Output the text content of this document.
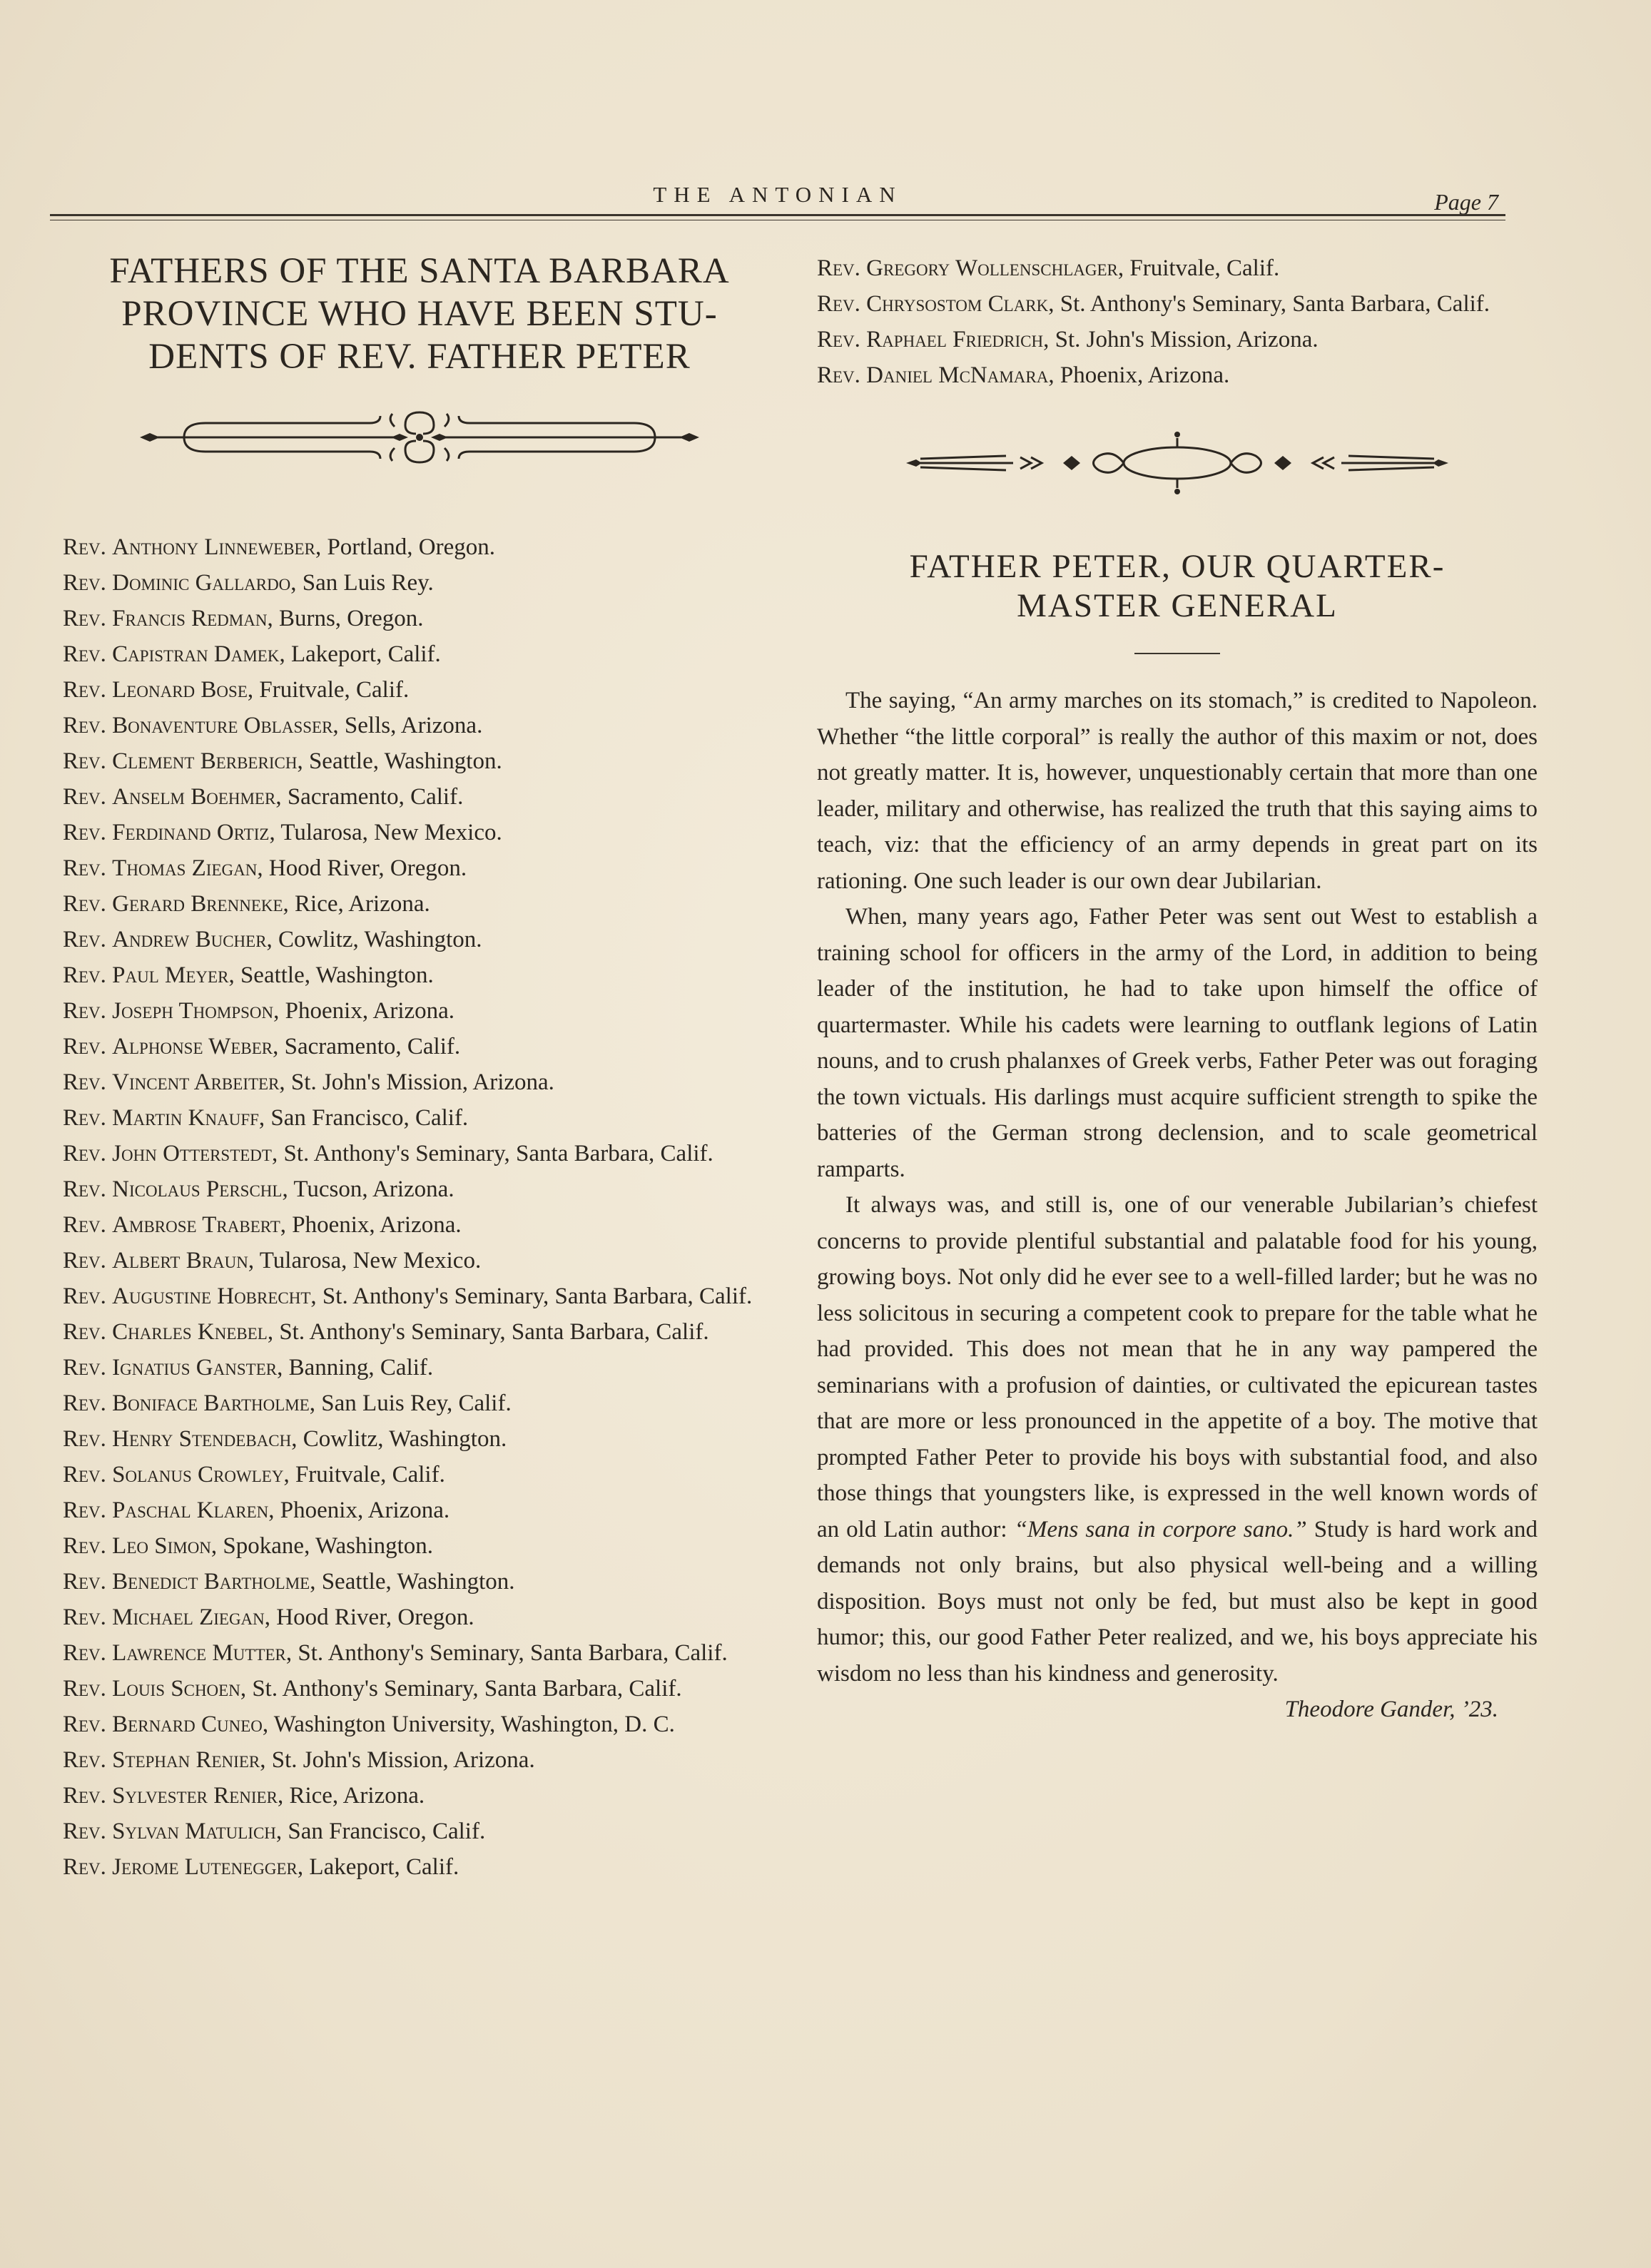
THE ANTONIAN	Page 7
FATHERS OF THE SANTA BARBARA
PROVINCE WHO HAVE BEEN STU-
DENTS OF REV. FATHER PETER
Rev. Anthony Linneweber, Portland, Oregon.
Rev. Dominic Gallardo, San Luis Rey.
Rev. Francis Redman, Burns, Oregon.
Rev. Capistran Damek, Lakeport, Calif.
Rev. Leonard Bose, Fruitvale, Calif.
Rev. Bonaventure Oblasser, Sells, Arizona.
Rev. Clement Berberich, Seattle, Washington.
Rev. Anselm Boehmer, Sacramento, Calif.
Rev. Ferdinand Ortiz, Tularosa, New Mexico.
Rev. Thomas Ziegan, Hood River, Oregon.
Rev. Gerard Brenneke, Rice, Arizona.
Rev. Andrew Bucher, Cowlitz, Washington.
Rev. Paul Meyer, Seattle, Washington.
Rev. Joseph Thompson, Phoenix, Arizona.
Rev. Alphonse Weber, Sacramento, Calif.
Rev. Vincent Arbeiter, St. John's Mission, Arizona.
Rev. Martin Knauff, San Francisco, Calif.
Rev. John Otterstedt, St. Anthony's Seminary, Santa Barbara, Calif.
Rev. Nicolaus Perschl, Tucson, Arizona.
Rev. Ambrose Trabert, Phoenix, Arizona.
Rev. Albert Braun, Tularosa, New Mexico.
Rev. Augustine Hobrecht, St. Anthony's Seminary, Santa Barbara, Calif.
Rev. Charles Knebel, St. Anthony's Seminary, Santa Barbara, Calif.
Rev. Ignatius Ganster, Banning, Calif.
Rev. Boniface Bartholme, San Luis Rey, Calif.
Rev. Henry Stendebach, Cowlitz, Washington.
Rev. Solanus Crowley, Fruitvale, Calif.
Rev. Paschal Klaren, Phoenix, Arizona.
Rev. Leo Simon, Spokane, Washington.
Rev. Benedict Bartholme, Seattle, Washington.
Rev. Michael Ziegan, Hood River, Oregon.
Rev. Lawrence Mutter, St. Anthony's Seminary, Santa Barbara, Calif.
Rev. Louis Schoen, St. Anthony's Seminary, Santa Barbara, Calif.
Rev. Bernard Cuneo, Washington University, Washington, D. C.
Rev. Stephan Renier, St. John's Mission, Arizona.
Rev. Sylvester Renier, Rice, Arizona.
Rev. Sylvan Matulich, San Francisco, Calif.
Rev. Jerome Lutenegger, Lakeport, Calif.
Rev. Gregory Wollenschlager, Fruitvale, Calif.
Rev. Chrysostom Clark, St. Anthony's Seminary, Santa Barbara, Calif.
Rev. Raphael Friedrich, St. John's Mission, Arizona.
Rev. Daniel McNamara, Phoenix, Arizona.
FATHER PETER, OUR QUARTER-
MASTER GENERAL

The saying, “An army marches on its stomach,” is credited to Napoleon. Whether “the little corporal” is really the author of this maxim or not, does not greatly matter. It is, however, unquestionably certain that more than one leader, military and otherwise, has realized the truth that this saying aims to teach, viz: that the efficiency of an army depends in great part on its rationing. One such leader is our own dear Jubilarian.

When, many years ago, Father Peter was sent out West to establish a training school for officers in the army of the Lord, in addition to being leader of the institution, he had to take upon himself the office of quartermaster. While his cadets were learning to outflank legions of Latin nouns, and to crush phalanxes of Greek verbs, Father Peter was out foraging the town victuals. His darlings must acquire sufficient strength to spike the batteries of the German strong declension, and to scale geometrical ramparts.

It always was, and still is, one of our venerable Jubilarian’s chiefest concerns to provide plentiful substantial and palatable food for his young, growing boys. Not only did he ever see to a well-filled larder; but he was no less solicitous in securing a competent cook to prepare for the table what he had provided. This does not mean that he in any way pampered the seminarians with a profusion of dainties, or cultivated the epicurean tastes that are more or less pronounced in the appetite of a boy. The motive that prompted Father Peter to provide his boys with substantial food, and also those things that youngsters like, is expressed in the well known words of an old Latin author: “Mens sana in corpore sano.” Study is hard work and demands not only brains, but also physical well-being and a willing disposition. Boys must not only be fed, but must also be kept in good humor; this, our good Father Peter realized, and we, his boys appreciate his wisdom no less than his kindness and generosity.

Theodore Gander, ’23.
